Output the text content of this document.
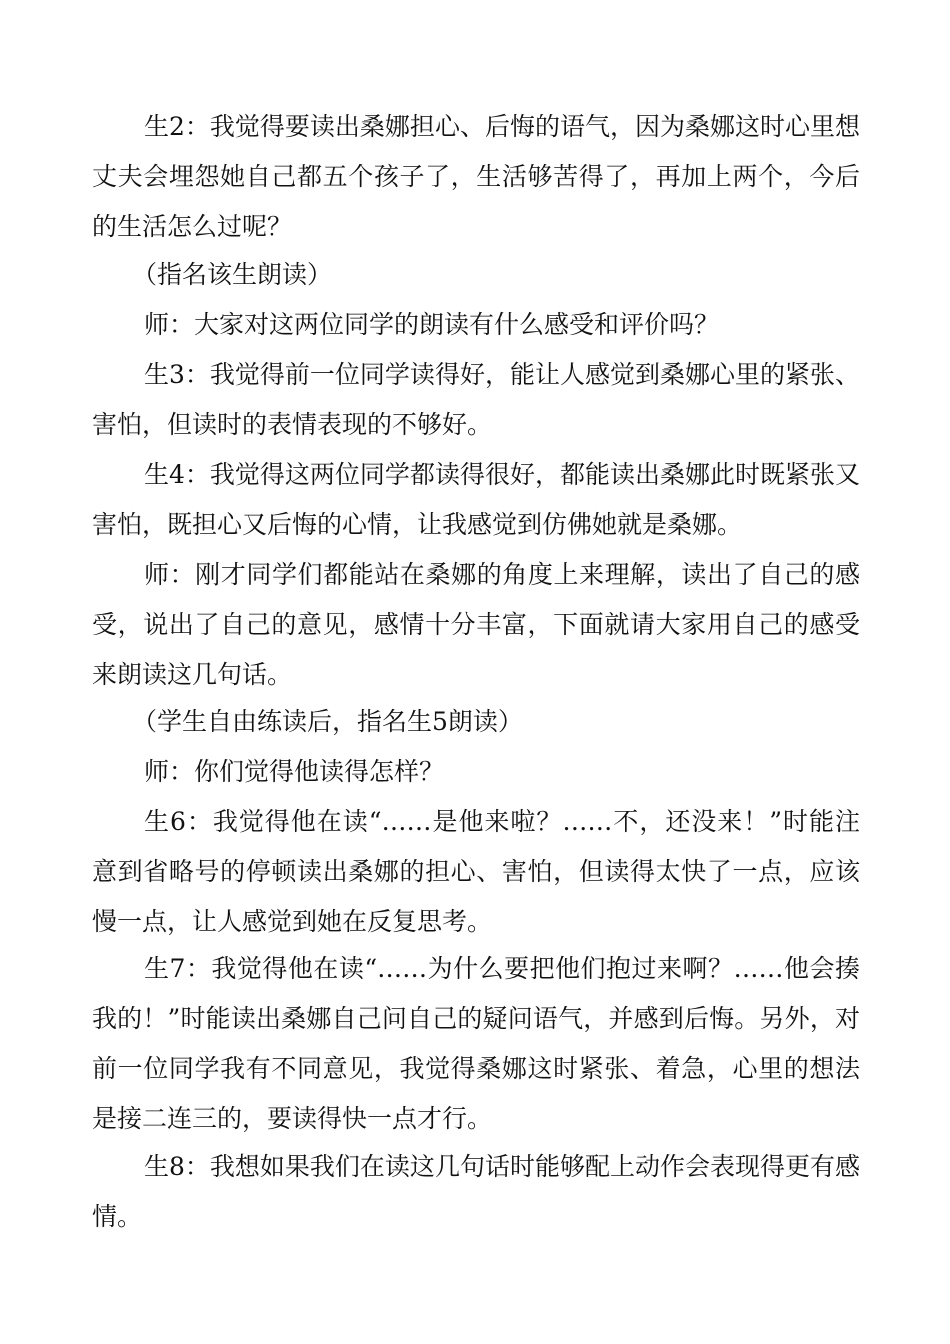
生2：我觉得要读出桑娜担心、后悔的语气，因为桑娜这时心里想丈夫会埋怨她自己都五个孩子了，生活够苦得了，再加上两个，今后的生活怎么过呢？

（指名该生朗读）

师：大家对这两位同学的朗读有什么感受和评价吗？

生3：我觉得前一位同学读得好，能让人感觉到桑娜心里的紧张、害怕，但读时的表情表现的不够好。

生4：我觉得这两位同学都读得很好，都能读出桑娜此时既紧张又害怕，既担心又后悔的心情，让我感觉到仿佛她就是桑娜。

师：刚才同学们都能站在桑娜的角度上来理解，读出了自己的感受，说出了自己的意见，感情十分丰富，下面就请大家用自己的感受来朗读这几句话。

（学生自由练读后，指名生5朗读）

师：你们觉得他读得怎样？

生6：我觉得他在读“……是他来啦？……不，还没来！”时能注意到省略号的停顿读出桑娜的担心、害怕，但读得太快了一点，应该慢一点，让人感觉到她在反复思考。

生7：我觉得他在读“……为什么要把他们抱过来啊？……他会揍我的！”时能读出桑娜自己问自己的疑问语气，并感到后悔。另外，对前一位同学我有不同意见，我觉得桑娜这时紧张、着急，心里的想法是接二连三的，要读得快一点才行。

生8：我想如果我们在读这几句话时能够配上动作会表现得更有感情。
